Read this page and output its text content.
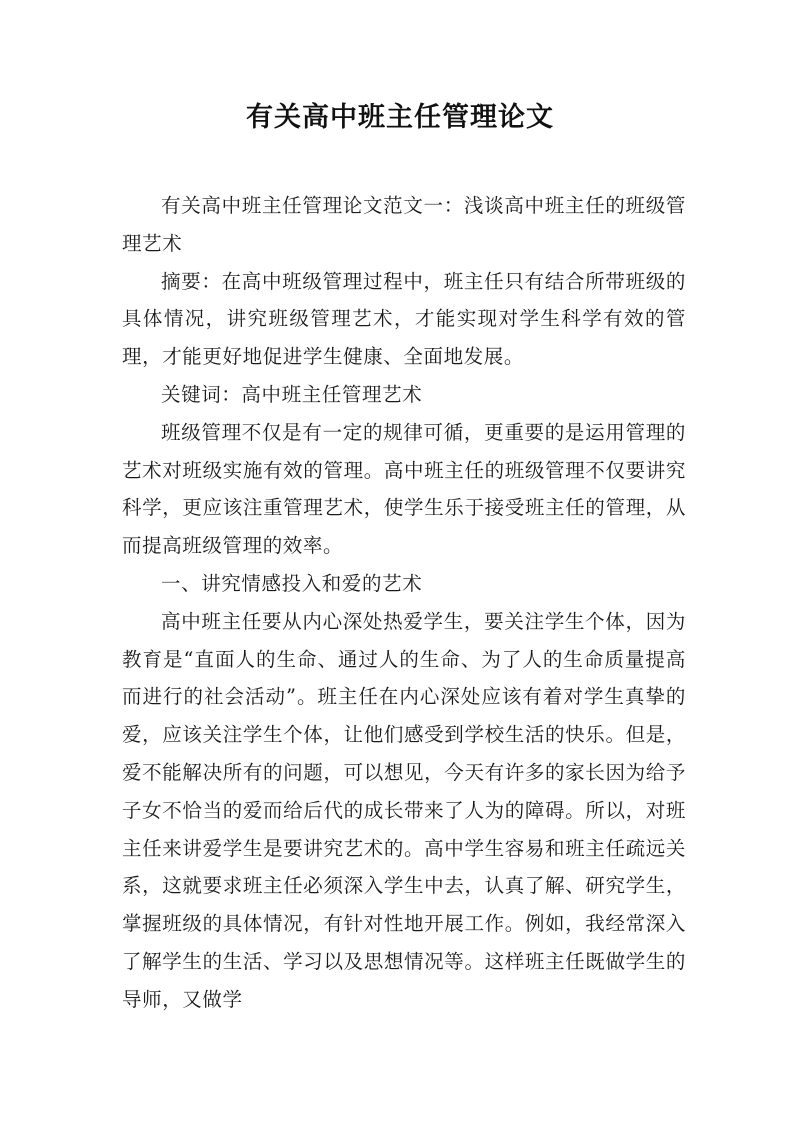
有关高中班主任管理论文

有关高中班主任管理论文范文一：浅谈高中班主任的班级管理艺术

摘要：在高中班级管理过程中，班主任只有结合所带班级的具体情况，讲究班级管理艺术，才能实现对学生科学有效的管理，才能更好地促进学生健康、全面地发展。

关键词：高中班主任管理艺术

班级管理不仅是有一定的规律可循，更重要的是运用管理的艺术对班级实施有效的管理。高中班主任的班级管理不仅要讲究科学，更应该注重管理艺术，使学生乐于接受班主任的管理，从而提高班级管理的效率。

一、讲究情感投入和爱的艺术

高中班主任要从内心深处热爱学生，要关注学生个体，因为教育是“直面人的生命、通过人的生命、为了人的生命质量提高而进行的社会活动”。班主任在内心深处应该有着对学生真挚的爱，应该关注学生个体，让他们感受到学校生活的快乐。但是，爱不能解决所有的问题，可以想见，今天有许多的家长因为给予子女不恰当的爱而给后代的成长带来了人为的障碍。所以，对班主任来讲爱学生是要讲究艺术的。高中学生容易和班主任疏远关系，这就要求班主任必须深入学生中去，认真了解、研究学生，掌握班级的具体情况，有针对性地开展工作。例如，我经常深入了解学生的生活、学习以及思想情况等。这样班主任既做学生的导师，又做学
